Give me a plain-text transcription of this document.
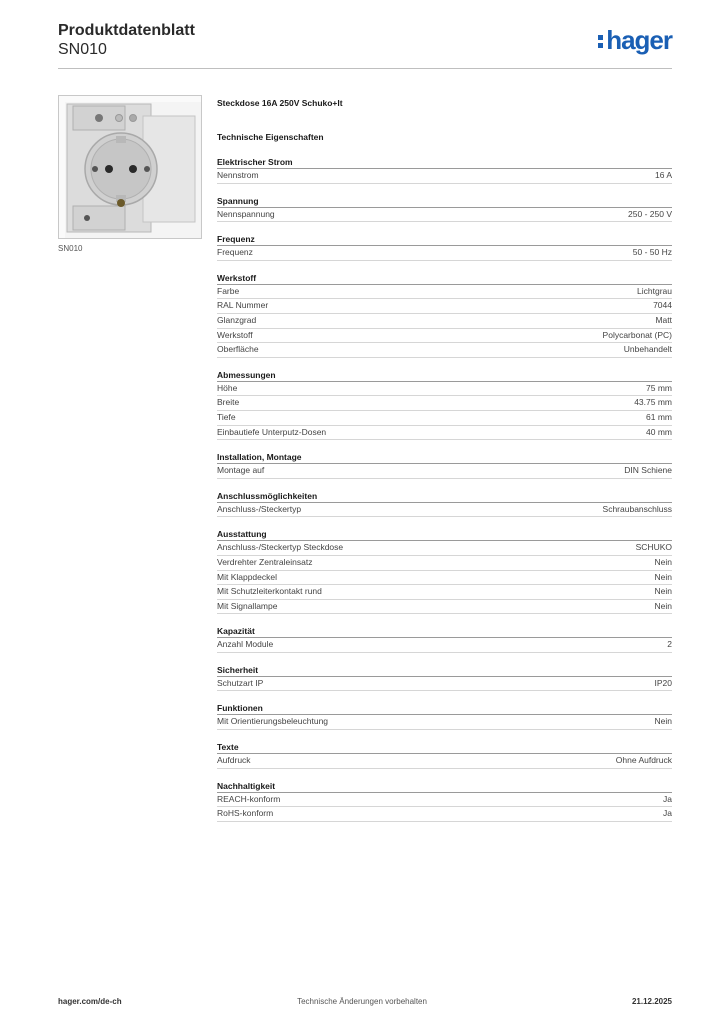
Produktdatenblatt
SN010	hager
SN010
Steckdose 16A 250V Schuko+lt
Technische Eigenschaften
Elektrischer Strom
Nennstrom	16 A
Spannung
Nennspannung	250 - 250 V
Frequenz
Frequenz	50 - 50 Hz
Werkstoff
Farbe	Lichtgrau
RAL Nummer	7044
Glanzgrad	Matt
Werkstoff	Polycarbonat (PC)
Oberfläche	Unbehandelt
Abmessungen
Höhe	75 mm
Breite	43.75 mm
Tiefe	61 mm
Einbautiefe Unterputz-Dosen	40 mm
Installation, Montage
Montage auf	DIN Schiene
Anschlussmöglichkeiten
Anschluss-/Steckertyp	Schraubanschluss
Ausstattung
Anschluss-/Steckertyp Steckdose	SCHUKO
Verdrehter Zentraleinsatz	Nein
Mit Klappdeckel	Nein
Mit Schutzleiterkontakt rund	Nein
Mit Signallampe	Nein
Kapazität
Anzahl Module	2
Sicherheit
Schutzart IP	IP20
Funktionen
Mit Orientierungsbeleuchtung	Nein
Texte
Aufdruck	Ohne Aufdruck
Nachhaltigkeit
REACH-konform	Ja
RoHS-konform	Ja
hager.com/de-ch	Technische Änderungen vorbehalten	21.12.2025
